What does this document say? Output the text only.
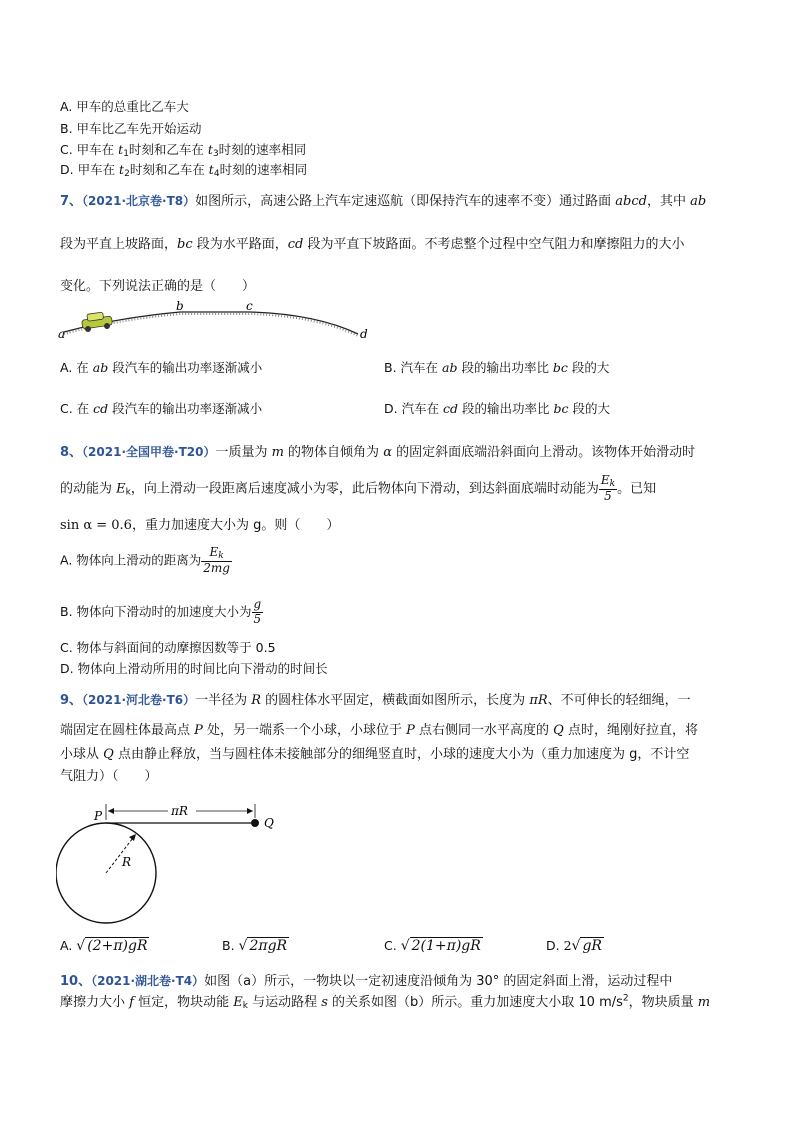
A. 甲车的总重比乙车大
B. 甲车比乙车先开始运动
C. 甲车在 $t_1$时刻和乙车在 $t_3$时刻的速率相同
D. 甲车在 $t_2$时刻和乙车在 $t_4$时刻的速率相同
7、（2021·北京卷·T8）如图所示，高速公路上汽车定速巡航（即保持汽车的速率不变）通过路面 abcd，其中 ab
段为平直上坡路面，bc 段为水平路面，cd 段为平直下坡路面。不考虑整个过程中空气阻力和摩擦阻力的大小
变化。下列说法正确的是（　　）
a
b	c
d
A. 在 ab 段汽车的输出功率逐渐减小	B. 汽车在 ab 段的输出功率比 bc 段的大
C. 在 cd 段汽车的输出功率逐渐减小	D. 汽车在 cd 段的输出功率比 bc 段的大
8、（2021·全国甲卷·T20）一质量为 m 的物体自倾角为 α 的固定斜面底端沿斜面向上滑动。该物体开始滑动时
的动能为 $E_k$，向上滑动一段距离后速度减小为零，此后物体向下滑动，到达斜面底端时动能为 $\frac{E_k}{5}$ 。已知
sin α = 0.6，重力加速度大小为 g。则（　　）
A. 物体向上滑动的距离为 $\frac{E_k}{2mg}$
B. 物体向下滑动时的加速度大小为 $\frac{g}{5}$
C. 物体与斜面间的动摩擦因数等于 0.5
D. 物体向上滑动所用的时间比向下滑动的时间长
9、（2021·河北卷·T6）一半径为 R 的圆柱体水平固定，横截面如图所示，长度为 πR、不可伸长的轻细绳，一
端固定在圆柱体最高点 P 处，另一端系一个小球，小球位于 P 点右侧同一水平高度的 Q 点时，绳刚好拉直，将
小球从 Q 点由静止释放，当与圆柱体未接触部分的细绳竖直时，小球的速度大小为（重力加速度为 g，不计空
气阻力）（　　）
πR
P	Q
R
A. √ (2+π)gR	B. √ 2πgR	C. √ 2(1+π)gR	D. 2√ gR
10、（2021·湖北卷·T4）如图（a）所示，一物块以一定初速度沿倾角为 30° 的固定斜面上滑，运动过程中
摩擦力大小 f 恒定，物块动能 $E_k$ 与运动路程 s 的关系如图（b）所示。重力加速度大小取 10 $m/s^2$，物块质量 m
